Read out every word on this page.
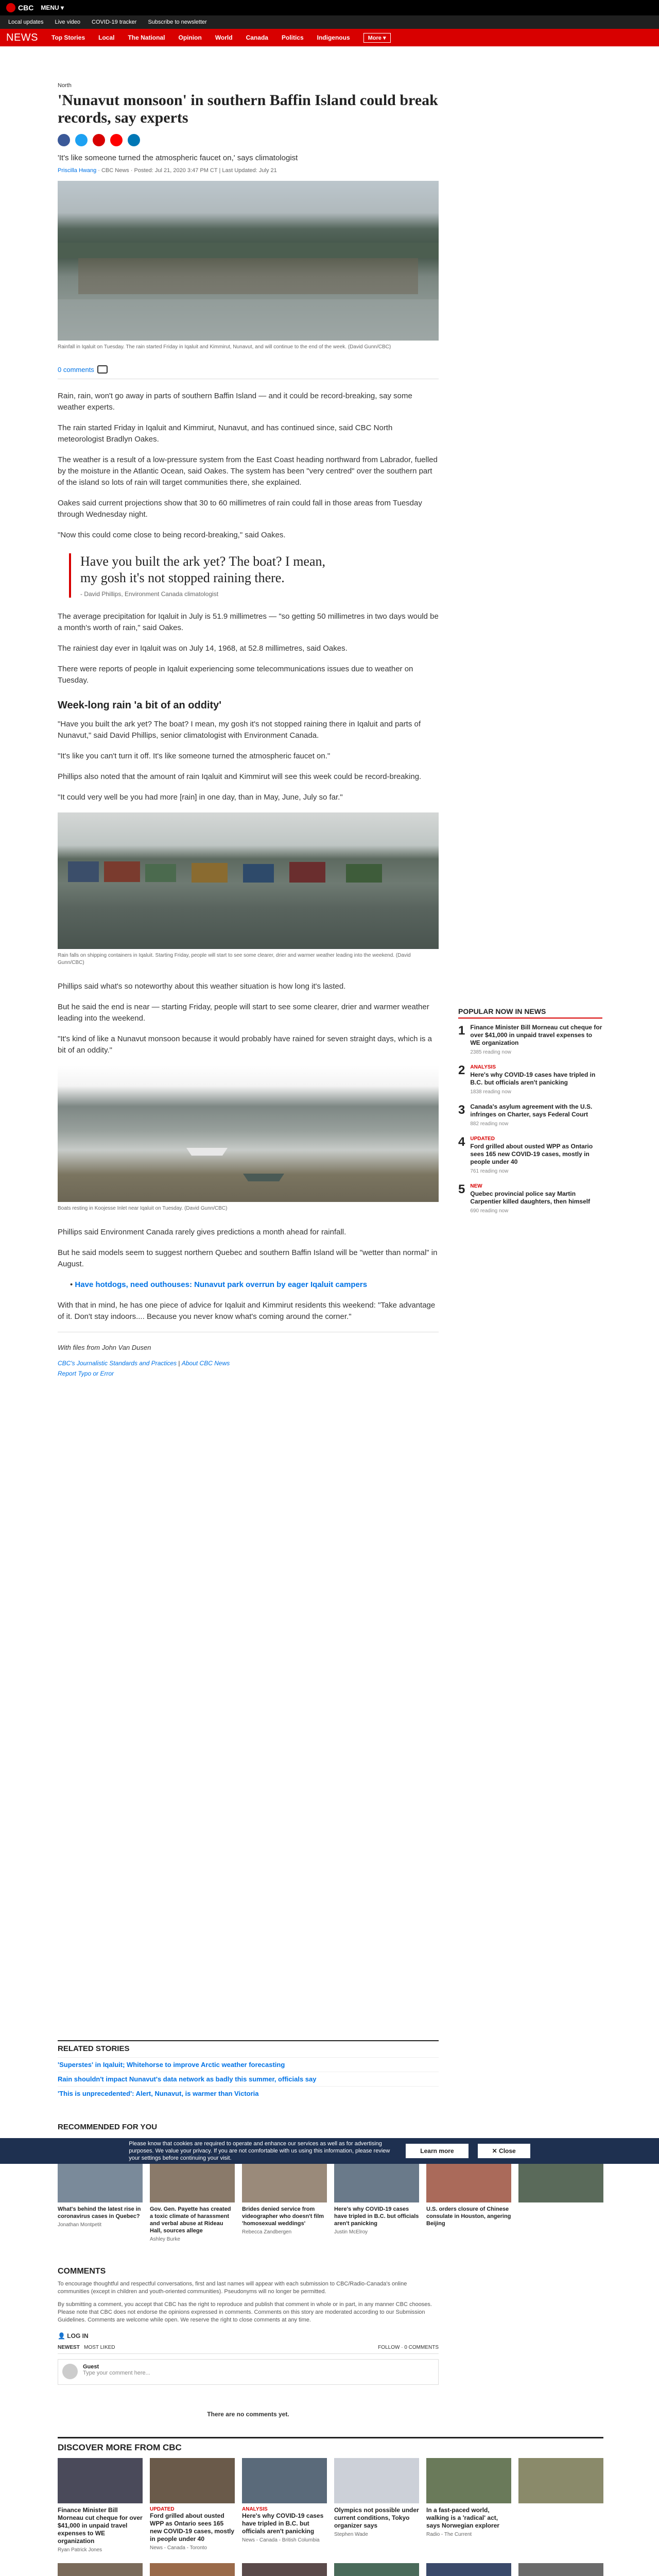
CBC MENU ▾
Local updates Live video COVID-19 tracker Subscribe to newsletter
NEWS Top Stories Local The National Opinion World Canada Politics Indigenous	More ▾
North
'Nunavut monsoon' in southern Baffin Island could break records, say experts
'It's like someone turned the atmospheric faucet on,' says climatologist
Priscilla Hwang · CBC News · Posted: Jul 21, 2020 3:47 PM CT | Last Updated: July 21
Rainfall in Iqaluit on Tuesday. The rain started Friday in Iqaluit and Kimmirut, Nunavut, and will continue to the end of the week. (David Gunn/CBC)
0 comments

Rain, rain, won't go away in parts of southern Baffin Island — and it could be record-breaking, say some weather experts.

The rain started Friday in Iqaluit and Kimmirut, Nunavut, and has continued since, said CBC North meteorologist Bradlyn Oakes.

The weather is a result of a low-pressure system from the East Coast heading northward from Labrador, fuelled by the moisture in the Atlantic Ocean, said Oakes. The system has been "very centred" over the southern part of the island so lots of rain will target communities there, she explained.

Oakes said current projections show that 30 to 60 millimetres of rain could fall in those areas from Tuesday through Wednesday night.

"Now this could come close to being record-breaking," said Oakes.

Have you built the ark yet? The boat? I mean, my gosh it's not stopped raining there.
- David Phillips, Environment Canada climatologist

The average precipitation for Iqaluit in July is 51.9 millimetres — "so getting 50 millimetres in two days would be a month's worth of rain," said Oakes.

The rainiest day ever in Iqaluit was on July 14, 1968, at 52.8 millimetres, said Oakes.

There were reports of people in Iqaluit experiencing some telecommunications issues due to weather on Tuesday.

Week-long rain 'a bit of an oddity'

"Have you built the ark yet? The boat? I mean, my gosh it's not stopped raining there in Iqaluit and parts of Nunavut," said David Phillips, senior climatologist with Environment Canada.

"It's like you can't turn it off. It's like someone turned the atmospheric faucet on."

Phillips also noted that the amount of rain Iqaluit and Kimmirut will see this week could be record-breaking.

"It could very well be you had more [rain] in one day, than in May, June, July so far."

Rain falls on shipping containers in Iqaluit. Starting Friday, people will start to see some clearer, drier and warmer weather leading into the weekend. (David Gunn/CBC)

Phillips said what's so noteworthy about this weather situation is how long it's lasted.

But he said the end is near — starting Friday, people will start to see some clearer, drier and warmer weather leading into the weekend.

"It's kind of like a Nunavut monsoon because it would probably have rained for seven straight days, which is a bit of an oddity."

Boats resting in Koojesse Inlet near Iqaluit on Tuesday. (David Gunn/CBC)

Phillips said Environment Canada rarely gives predictions a month ahead for rainfall.

But he said models seem to suggest northern Quebec and southern Baffin Island will be "wetter than normal" in August.

• Have hotdogs, need outhouses: Nunavut park overrun by eager Iqaluit campers

With that in mind, he has one piece of advice for Iqaluit and Kimmirut residents this weekend: "Take advantage of it. Don't stay indoors.... Because you never know what's coming around the corner."

With files from John Van Dusen
CBC's Journalistic Standards and Practices | About CBC News
Report Typo or Error
POPULAR NOW IN NEWS
1 Finance Minister Bill Morneau cut cheque for over $41,000 in unpaid travel expenses to WE organization
2385 reading now
2 ANALYSIS
Here's why COVID-19 cases have tripled in B.C. but officials aren't panicking
1838 reading now
3 Canada's asylum agreement with the U.S. infringes on Charter, says Federal Court
882 reading now
4 UPDATED
Ford grilled about ousted WPP as Ontario sees 165 new COVID-19 cases, mostly in people under 40
761 reading now
5 NEW
Quebec provincial police say Martin Carpentier killed daughters, then himself
690 reading now
RELATED STORIES
'Superstes' in Iqaluit; Whitehorse to improve Arctic weather forecasting
Rain shouldn't impact Nunavut's data network as badly this summer, officials say
'This is unprecedented': Alert, Nunavut, is warmer than Victoria
RECOMMENDED FOR YOU
What's behind the latest rise in coronavirus cases in Quebec?
Jonathan Montpetit
Gov. Gen. Payette has created a toxic climate of harassment and verbal abuse at Rideau Hall, sources allege
Ashley Burke
Brides denied service from videographer who doesn't film 'homosexual weddings'
Rebecca Zandbergen
Here's why COVID-19 cases have tripled in B.C. but officials aren't panicking
Justin McElroy
U.S. orders closure of Chinese consulate in Houston, angering Beijing
Please know that cookies are required to operate and enhance our services as well as for advertising purposes. We value your privacy. If you are not comfortable with us using this information, please review your settings before continuing your visit.
Learn more	✕ Close
COMMENTS
To encourage thoughtful and respectful conversations, first and last names will appear with each submission to CBC/Radio-Canada's online communities (except in children and youth-oriented communities). Pseudonyms will no longer be permitted.
By submitting a comment, you accept that CBC has the right to reproduce and publish that comment in whole or in part, in any manner CBC chooses. Please note that CBC does not endorse the opinions expressed in comments. Comments on this story are moderated according to our Submission Guidelines. Comments are welcome while open. We reserve the right to close comments at any time.
👤 LOG IN
NEWEST MOST LIKED	FOLLOW · 0 COMMENTS
Guest
Type your comment here...
There are no comments yet.
DISCOVER MORE FROM CBC
Finance Minister Bill Morneau cut cheque for over $41,000 in unpaid travel expenses to WE organization
Ryan Patrick Jones
UPDATED
Ford grilled about ousted WPP as Ontario sees 165 new COVID-19 cases, mostly in people under 40
News - Canada - Toronto
ANALYSIS
Here's why COVID-19 cases have tripled in B.C. but officials aren't panicking
News - Canada - British Columbia
Olympics not possible under current conditions, Tokyo organizer says
Stephen Wade
In a fast-paced world, walking is a 'radical' act, says Norwegian explorer
Radio - The Current
